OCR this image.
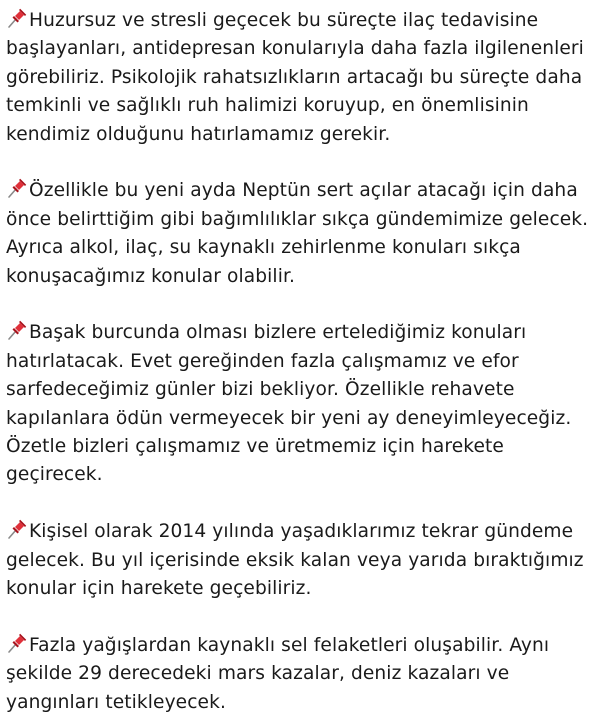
Huzursuz ve stresli geçecek bu süreçte ilaç tedavisine başlayanları, antidepresan konularıyla daha fazla ilgilenenleri görebiliriz. Psikolojik rahatsızlıkların artacağı bu süreçte daha temkinli ve sağlıklı ruh halimizi koruyup, en önemlisinin kendimiz olduğunu hatırlamamız gerekir.

Özellikle bu yeni ayda Neptün sert açılar atacağı için daha önce belirttiğim gibi bağımlılıklar sıkça gündemimize gelecek. Ayrıca alkol, ilaç, su kaynaklı zehirlenme konuları sıkça konuşacağımız konular olabilir.

Başak burcunda olması bizlere ertelediğimiz konuları hatırlatacak. Evet gereğinden fazla çalışmamız ve efor sarfedeceğimiz günler bizi bekliyor. Özellikle rehavete kapılanlara ödün vermeyecek bir yeni ay deneyimleyeceğiz. Özetle bizleri çalışmamız ve üretmemiz için harekete geçirecek.

Kişisel olarak 2014 yılında yaşadıklarımız tekrar gündeme gelecek. Bu yıl içerisinde eksik kalan veya yarıda bıraktığımız konular için harekete geçebiliriz.

Fazla yağışlardan kaynaklı sel felaketleri oluşabilir. Aynı şekilde 29 derecedeki mars kazalar, deniz kazaları ve yangınları tetikleyecek.
